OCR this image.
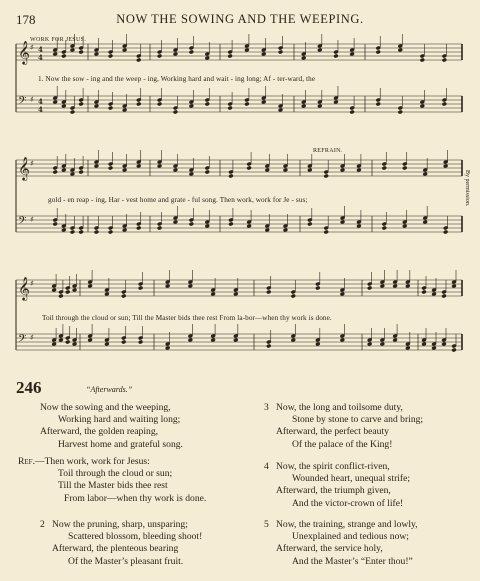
178	NOW THE SOWING AND THE WEEPING.
WORK FOR JESUS.
REFRAIN.
By permission.
𝄞 ♯ 4
4
𝄢 ♯ 4
4
𝄞 ♯
𝄢 ♯
𝄞 ♯
𝄢 ♯
1. Now the sow - ing and the weep - ing, Working hard and wait - ing long; Af - ter-ward, the
gold - en reap - ing, Har - vest home and grate - ful song. Then work, work for Je - sus;
Toil through the cloud or sun; Till the Master bids thee rest From la-bor—when thy work is done.
246	“Afterwards.”
Now the sowing and the weeping,
Working hard and waiting long;
Afterward, the golden reaping,
Harvest home and grateful song.
Ref.—Then work, work for Jesus:
Toil through the cloud or sun;
Till the Master bids thee rest
From labor—when thy work is done.
2 Now the pruning, sharp, unsparing;
Scattered blossom, bleeding shoot!
Afterward, the plenteous bearing
Of the Master’s pleasant fruit.
3 Now, the long and toilsome duty,
Stone by stone to carve and bring;
Afterward, the perfect beauty
Of the palace of the King!
4 Now, the spirit conflict-riven,
Wounded heart, unequal strife;
Afterward, the triumph given,
And the victor-crown of life!
5 Now, the training, strange and lowly,
Unexplained and tedious now;
Afterward, the service holy,
And the Master’s “Enter thou!”
